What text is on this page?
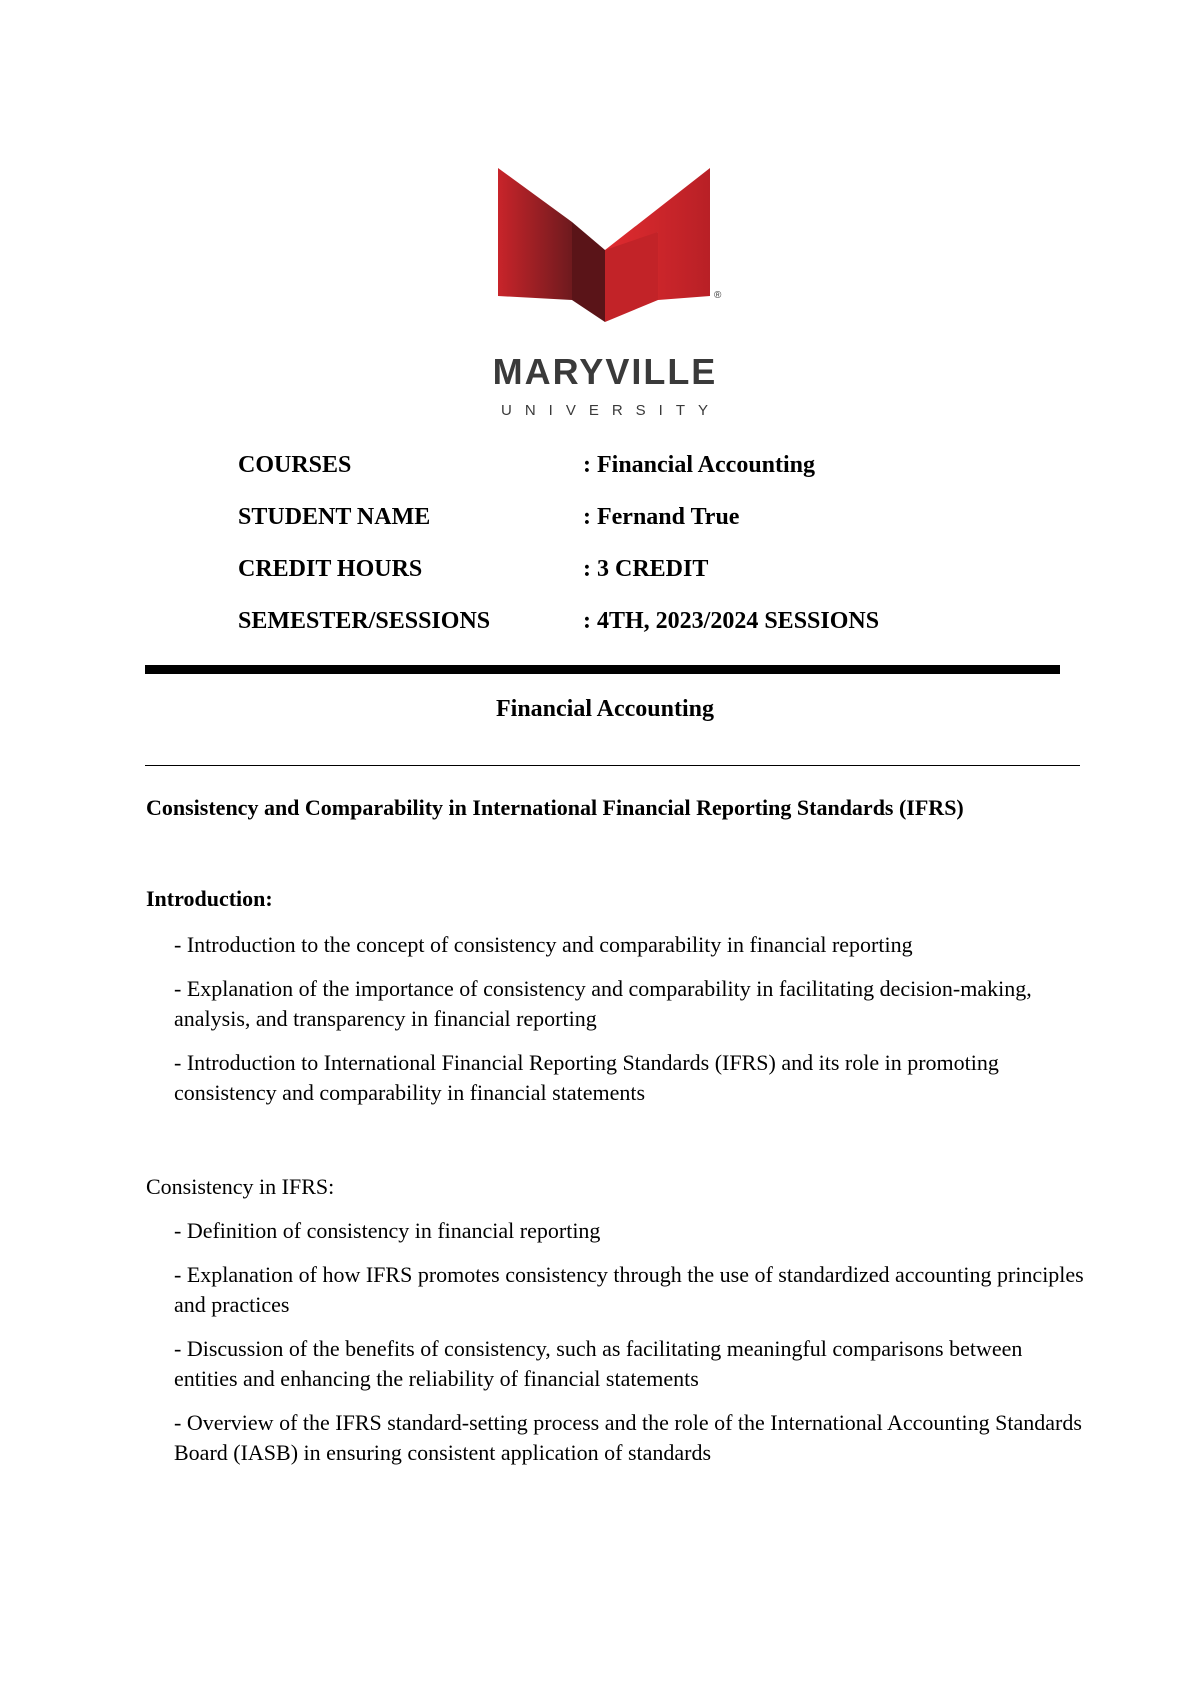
®
MARYVILLE
UNIVERSITY
COURSES	: Financial Accounting
STUDENT NAME	: Fernand True
CREDIT HOURS	: 3 CREDIT
SEMESTER/SESSIONS	: 4TH, 2023/2024 SESSIONS
Financial Accounting

Consistency and Comparability in International Financial Reporting Standards (IFRS)

Introduction:

- Introduction to the concept of consistency and comparability in financial reporting
- Explanation of the importance of consistency and comparability in facilitating decision-making, analysis, and transparency in financial reporting
- Introduction to International Financial Reporting Standards (IFRS) and its role in promoting consistency and comparability in financial statements

Consistency in IFRS:

- Definition of consistency in financial reporting
- Explanation of how IFRS promotes consistency through the use of standardized accounting principles and practices
- Discussion of the benefits of consistency, such as facilitating meaningful comparisons between entities and enhancing the reliability of financial statements
- Overview of the IFRS standard-setting process and the role of the International Accounting Standards Board (IASB) in ensuring consistent application of standards
